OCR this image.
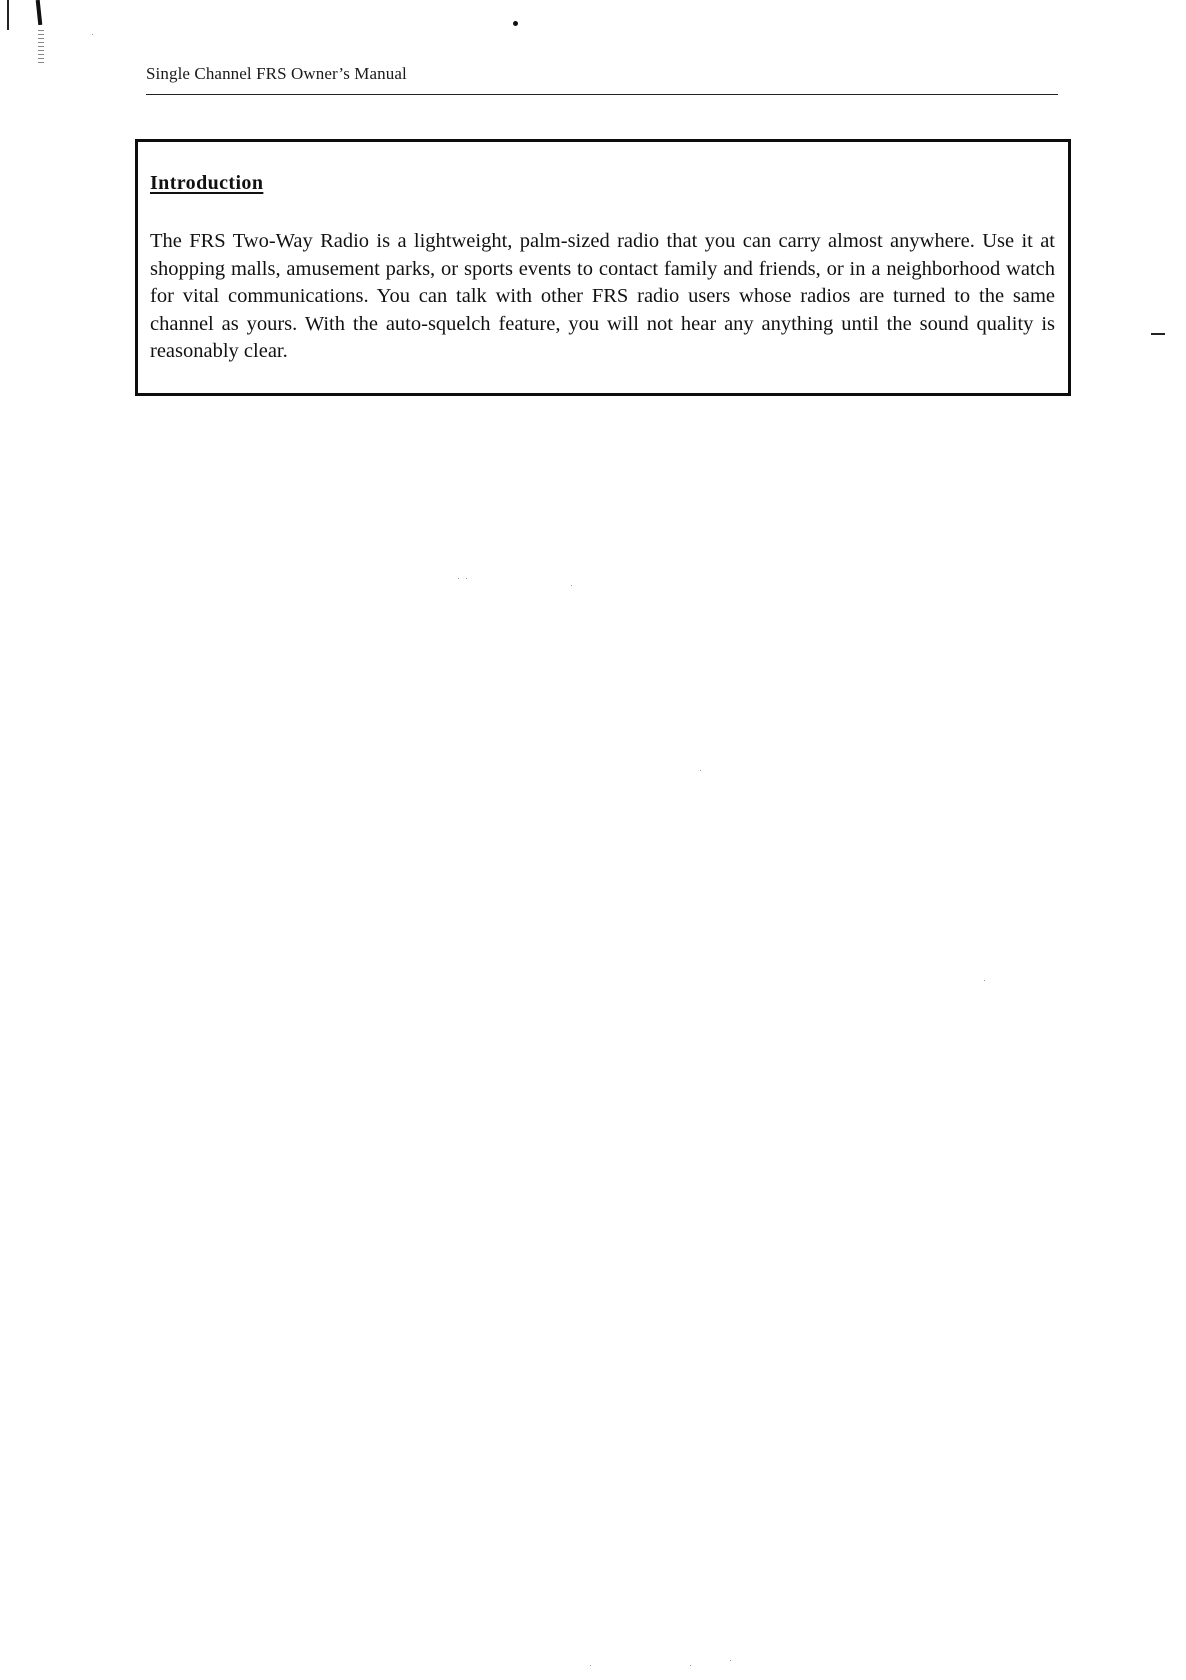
Single Channel FRS Owner’s Manual
Introduction

The FRS Two-Way Radio is a lightweight, palm-sized radio that you can carry almost anywhere. Use it at shopping malls, amusement parks, or sports events to contact family and friends, or in a neighborhood watch for vital communications. You can talk with other FRS radio users whose radios are turned to the same channel as yours. With the auto-squelch feature, you will not hear any anything until the sound quality is reasonably clear.
